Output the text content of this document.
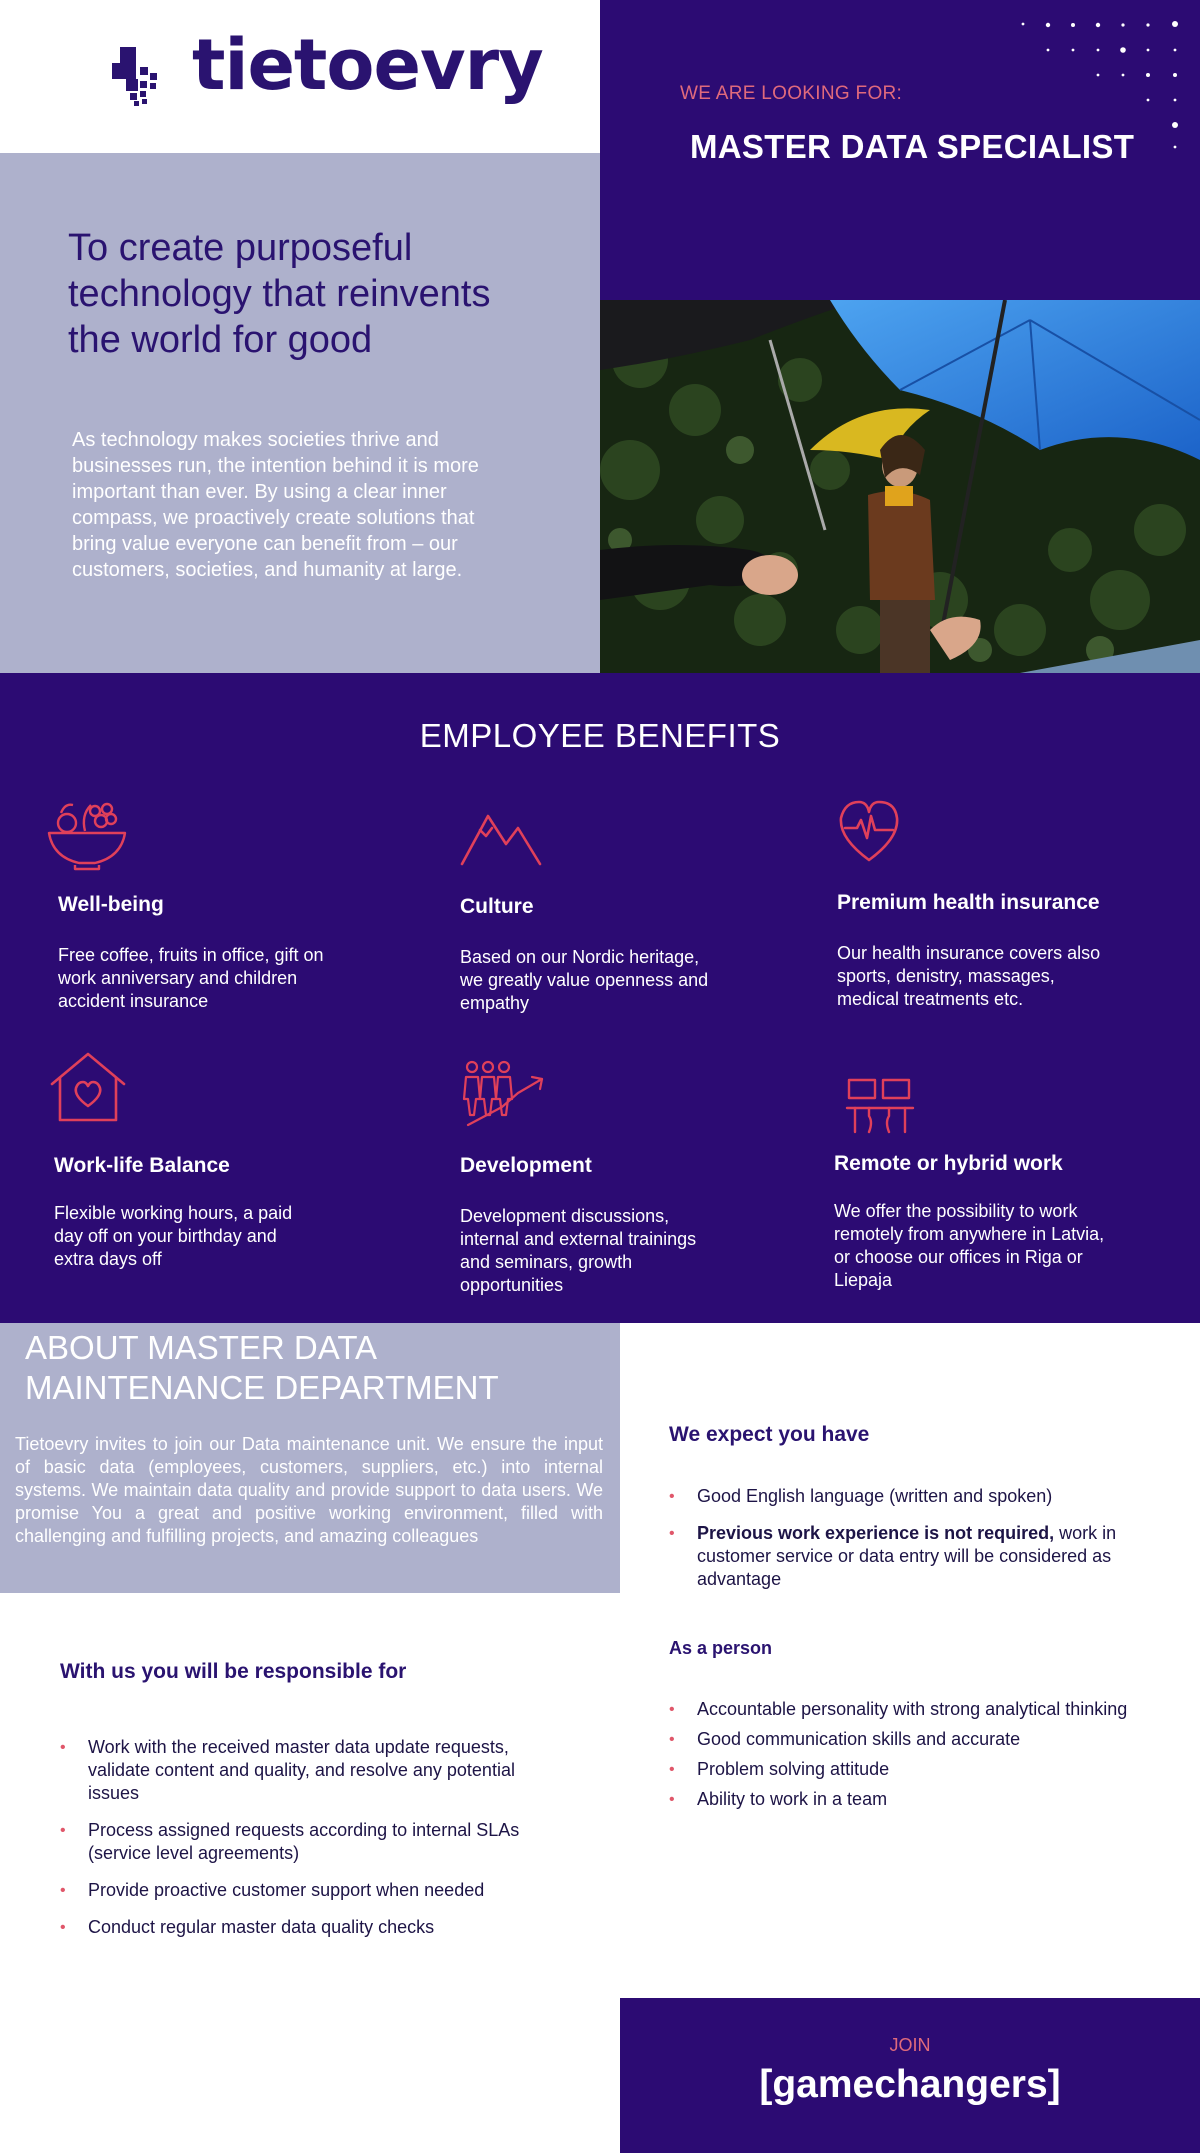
tietoevry	WE ARE LOOKING FOR:
MASTER DATA SPECIALIST
To create purposeful technology that reinvents the world for good
As technology makes societies thrive and businesses run, the intention behind it is more important than ever. By using a clear inner compass, we proactively create solutions that bring value everyone can benefit from – our customers, societies, and humanity at large.
EMPLOYEE BENEFITS
Well-being
Free coffee, fruits in office, gift on work anniversary and children accident insurance
Culture
Based on our Nordic heritage, we greatly value openness and empathy
Premium health insurance
Our health insurance covers also sports, denistry, massages, medical treatments etc.
Work-life Balance
Flexible working hours, a paid day off on your birthday and extra days off
Development
Development discussions, internal and external trainings and seminars, growth opportunities
Remote or hybrid work
We offer the possibility to work remotely from anywhere in Latvia, or choose our offices in Riga or Liepaja
ABOUT MASTER DATA MAINTENANCE DEPARTMENT
Tietoevry invites to join our Data maintenance unit. We ensure the input of basic data (employees, customers, suppliers, etc.) into internal systems. We maintain data quality and provide support to data users. We promise You a great and positive working environment, filled with challenging and fulfilling projects, and amazing colleagues
With us you will be responsible for
• Work with the received master data update requests, validate content and quality, and resolve any potential issues
• Process assigned requests according to internal SLAs (service level agreements)
• Provide proactive customer support when needed
• Conduct regular master data quality checks
We expect you have
• Good English language (written and spoken)
• Previous work experience is not required, work in customer service or data entry will be considered as advantage
As a person
• Accountable personality with strong analytical thinking
• Good communication skills and accurate
• Problem solving attitude
• Ability to work in a team
JOIN
[gamechangers]
